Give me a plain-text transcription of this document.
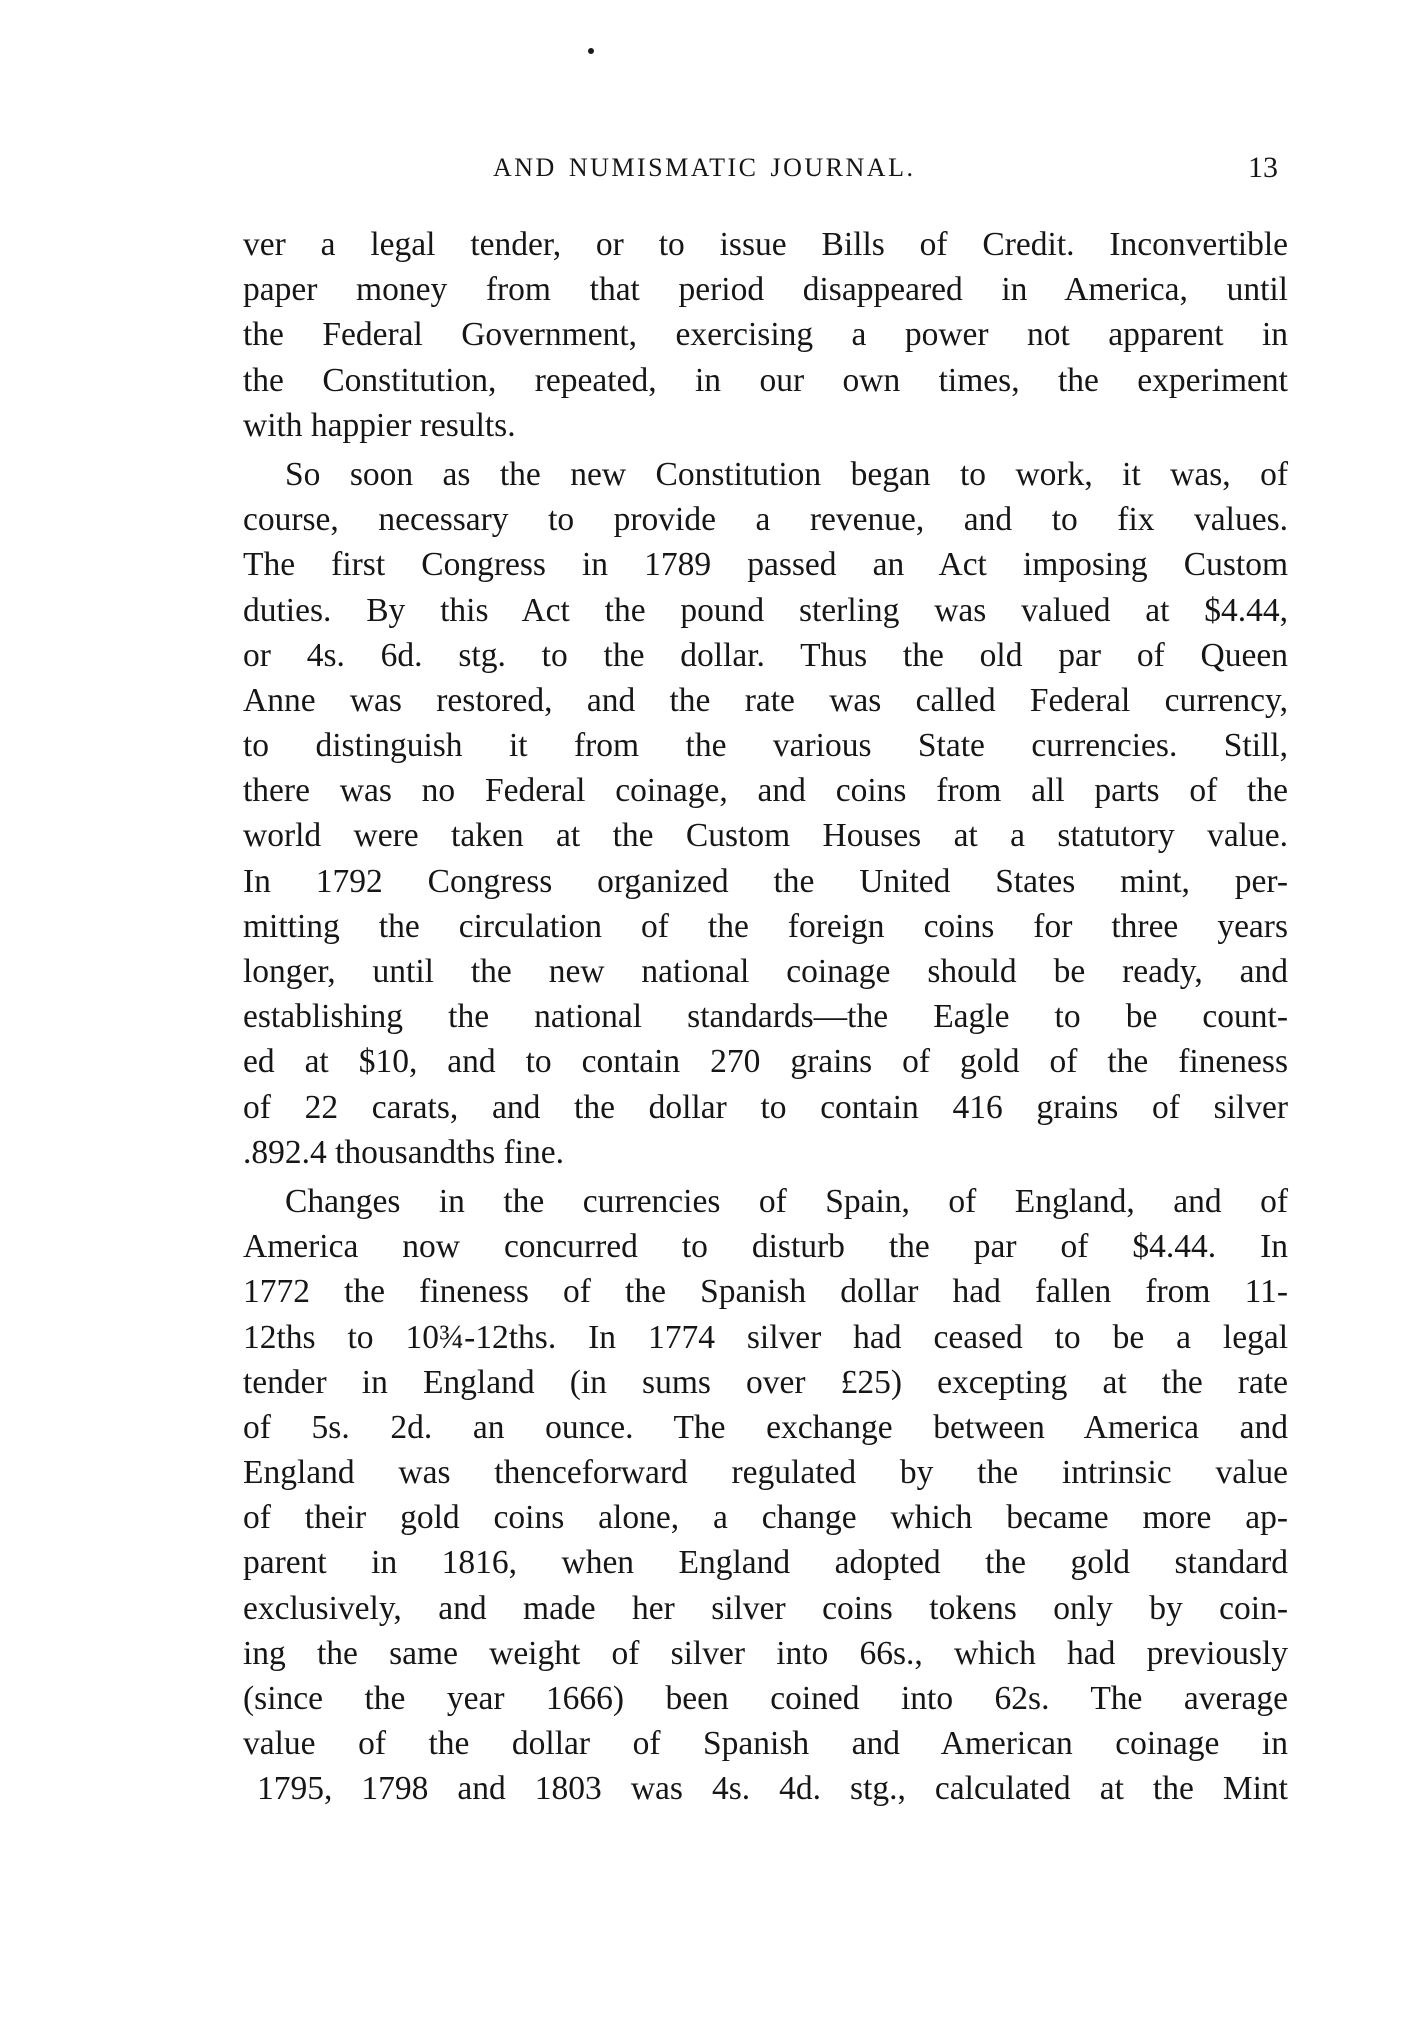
AND NUMISMATIC JOURNAL.	13
ver a legal tender, or to issue Bills of Credit. Inconvertible
paper money from that period disappeared in America, until
the Federal Government, exercising a power not apparent in
the Constitution, repeated, in our own times, the experiment
with happier results.
So soon as the new Constitution began to work, it was, of
course, necessary to provide a revenue, and to fix values.
The first Congress in 1789 passed an Act imposing Custom
duties. By this Act the pound sterling was valued at $4.44,
or 4s. 6d. stg. to the dollar. Thus the old par of Queen
Anne was restored, and the rate was called Federal currency,
to distinguish it from the various State currencies. Still,
there was no Federal coinage, and coins from all parts of the
world were taken at the Custom Houses at a statutory value.
In 1792 Congress organized the United States mint, per-
mitting the circulation of the foreign coins for three years
longer, until the new national coinage should be ready, and
establishing the national standards—the Eagle to be count-
ed at $10, and to contain 270 grains of gold of the fineness
of 22 carats, and the dollar to contain 416 grains of silver
.892.4 thousandths fine.
Changes in the currencies of Spain, of England, and of
America now concurred to disturb the par of $4.44. In
1772 the fineness of the Spanish dollar had fallen from 11-
12ths to 10¾-12ths. In 1774 silver had ceased to be a legal
tender in England (in sums over £25) excepting at the rate
of 5s. 2d. an ounce. The exchange between America and
England was thenceforward regulated by the intrinsic value
of their gold coins alone, a change which became more ap-
parent in 1816, when England adopted the gold standard
exclusively, and made her silver coins tokens only by coin-
ing the same weight of silver into 66s., which had previously
(since the year 1666) been coined into 62s. The average
value of the dollar of Spanish and American coinage in
1795, 1798 and 1803 was 4s. 4d. stg., calculated at the Mint
